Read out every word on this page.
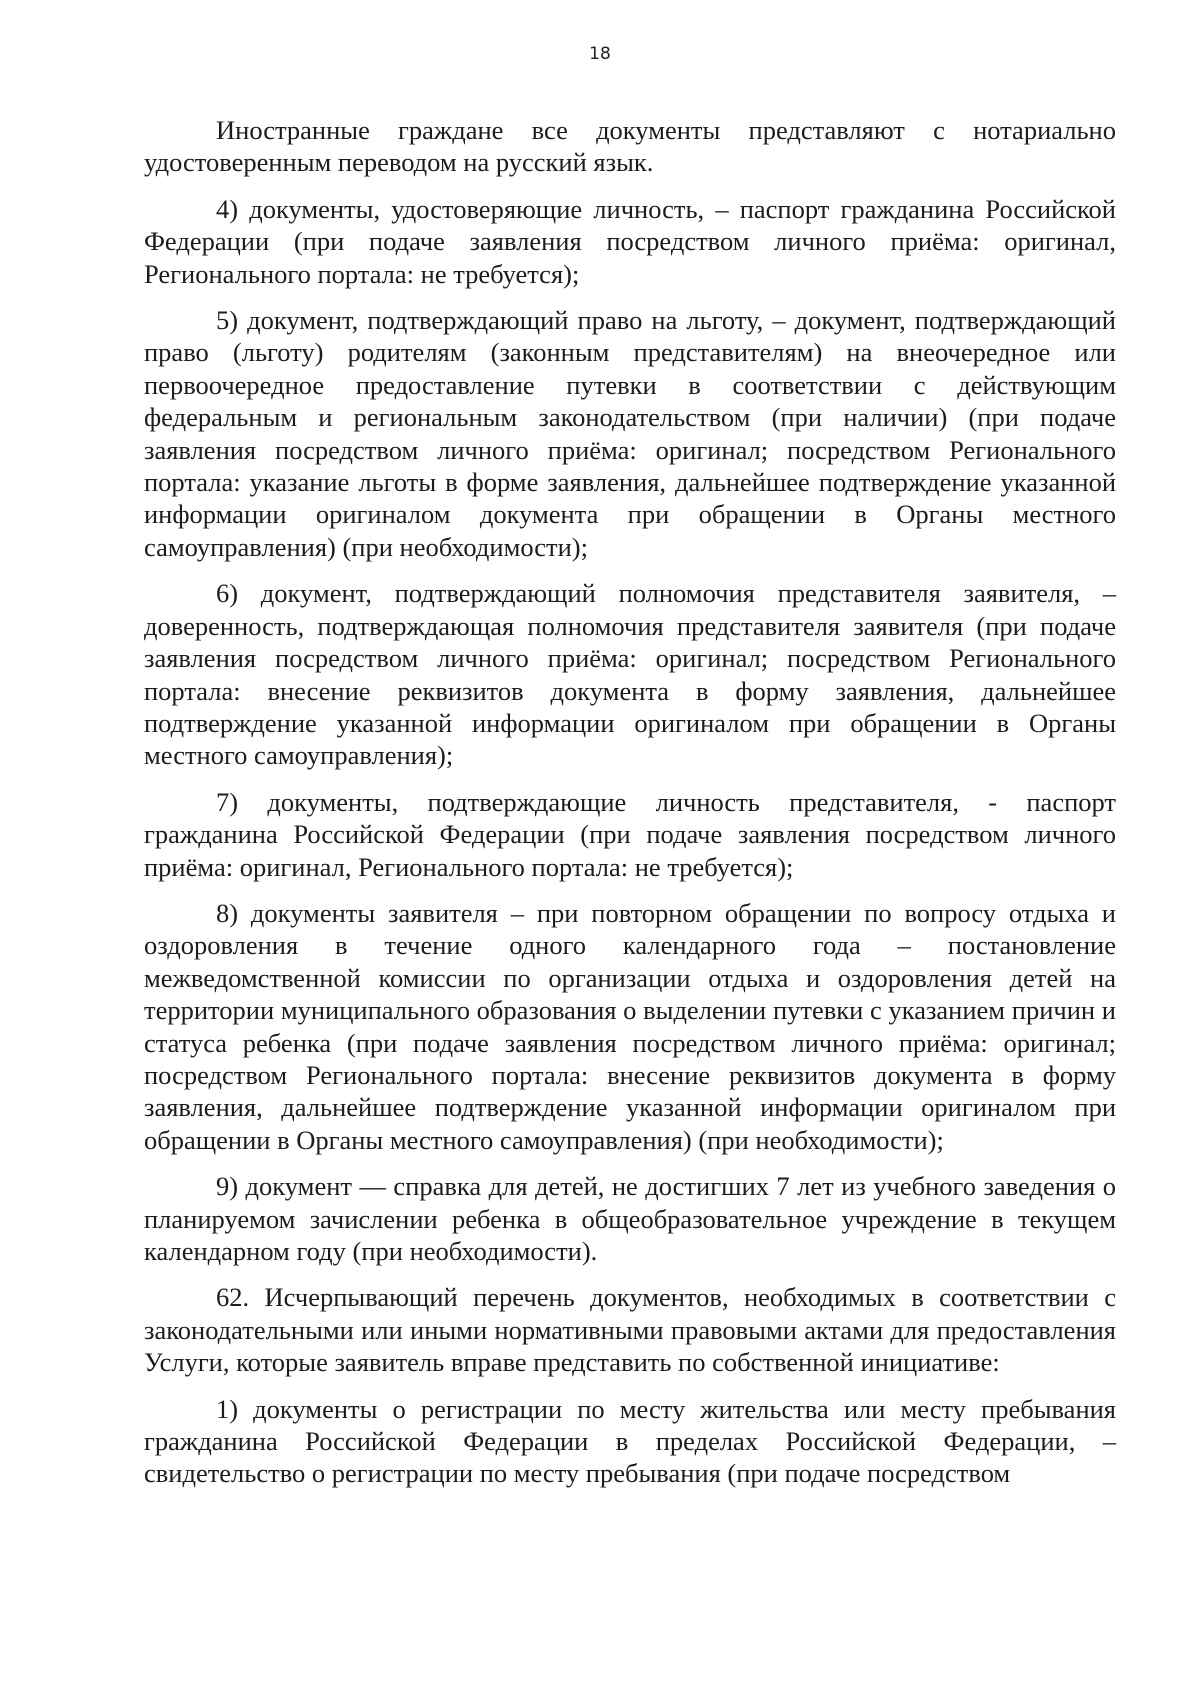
18

Иностранные граждане все документы представляют с нотариально удостоверенным переводом на русский язык.

4) документы, удостоверяющие личность, – паспорт гражданина Российской Федерации (при подаче заявления посредством личного приёма: оригинал, Регионального портала: не требуется);

5) документ, подтверждающий право на льготу, – документ, подтверждающий право (льготу) родителям (законным представителям) на внеочередное или первоочередное предоставление путевки в соответствии с действующим федеральным и региональным законодательством (при наличии) (при подаче заявления посредством личного приёма: оригинал; посредством Регионального портала: указание льготы в форме заявления, дальнейшее подтверждение указанной информации оригиналом документа при обращении в Органы местного самоуправления) (при необходимости);

6) документ, подтверждающий полномочия представителя заявителя, – доверенность, подтверждающая полномочия представителя заявителя (при подаче заявления посредством личного приёма: оригинал; посредством Регионального портала: внесение реквизитов документа в форму заявления, дальнейшее подтверждение указанной информации оригиналом при обращении в Органы местного самоуправления);

7) документы, подтверждающие личность представителя, - паспорт гражданина Российской Федерации (при подаче заявления посредством личного приёма: оригинал, Регионального портала: не требуется);

8) документы заявителя – при повторном обращении по вопросу отдыха и оздоровления в течение одного календарного года – постановление межведомственной комиссии по организации отдыха и оздоровления детей на территории муниципального образования о выделении путевки с указанием причин и статуса ребенка (при подаче заявления посредством личного приёма: оригинал; посредством Регионального портала: внесение реквизитов документа в форму заявления, дальнейшее подтверждение указанной информации оригиналом при обращении в Органы местного самоуправления) (при необходимости);

9) документ — справка для детей, не достигших 7 лет из учебного заведения о планируемом зачислении ребенка в общеобразовательное учреждение в текущем календарном году (при необходимости).

62. Исчерпывающий перечень документов, необходимых в соответствии с законодательными или иными нормативными правовыми актами для предоставления Услуги, которые заявитель вправе представить по собственной инициативе:

1) документы о регистрации по месту жительства или месту пребывания гражданина Российской Федерации в пределах Российской Федерации, – свидетельство о регистрации по месту пребывания (при подаче посредством
